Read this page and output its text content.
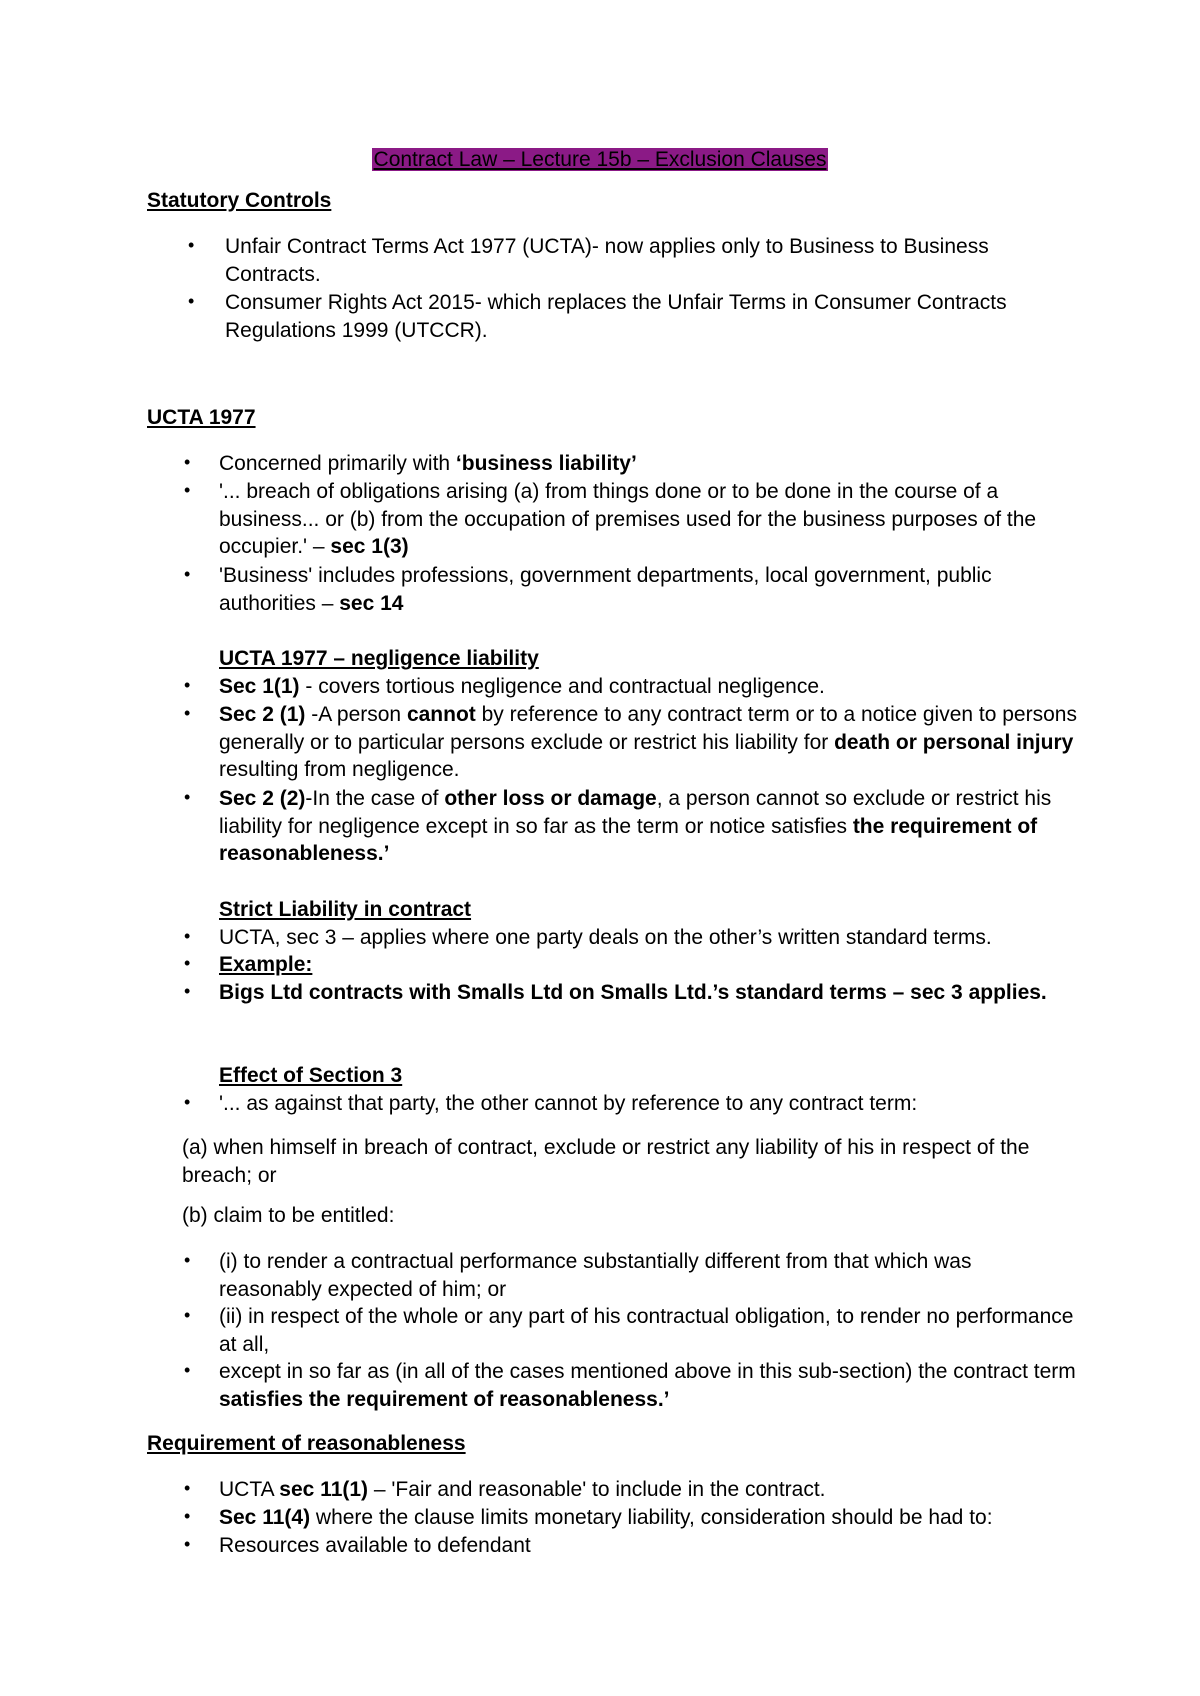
Contract Law – Lecture 15b – Exclusion Clauses
Statutory Controls
• Unfair Contract Terms Act 1977 (UCTA)- now applies only to Business to Business Contracts.
• Consumer Rights Act 2015- which replaces the Unfair Terms in Consumer Contracts Regulations 1999 (UTCCR).
UCTA 1977
• Concerned primarily with ‘business liability’
• '... breach of obligations arising (a) from things done or to be done in the course of a business... or (b) from the occupation of premises used for the business purposes of the occupier.' – sec 1(3)
• 'Business' includes professions, government departments, local government, public authorities – sec 14
UCTA 1977 – negligence liability
• Sec 1(1) - covers tortious negligence and contractual negligence.
• Sec 2 (1) -A person cannot by reference to any contract term or to a notice given to persons generally or to particular persons exclude or restrict his liability for death or personal injury resulting from negligence.
• Sec 2 (2)-In the case of other loss or damage, a person cannot so exclude or restrict his liability for negligence except in so far as the term or notice satisfies the requirement of reasonableness.’
Strict Liability in contract
• UCTA, sec 3 – applies where one party deals on the other’s written standard terms.
• Example:
• Bigs Ltd contracts with Smalls Ltd on Smalls Ltd.’s standard terms – sec 3 applies.
Effect of Section 3
• '... as against that party, the other cannot by reference to any contract term:
(a) when himself in breach of contract, exclude or restrict any liability of his in respect of the breach; or
(b) claim to be entitled:
• (i) to render a contractual performance substantially different from that which was reasonably expected of him; or
• (ii) in respect of the whole or any part of his contractual obligation, to render no performance at all,
• except in so far as (in all of the cases mentioned above in this sub-section) the contract term satisfies the requirement of reasonableness.’
Requirement of reasonableness
• UCTA sec 11(1) – 'Fair and reasonable' to include in the contract.
• Sec 11(4) where the clause limits monetary liability, consideration should be had to:
• Resources available to defendant
